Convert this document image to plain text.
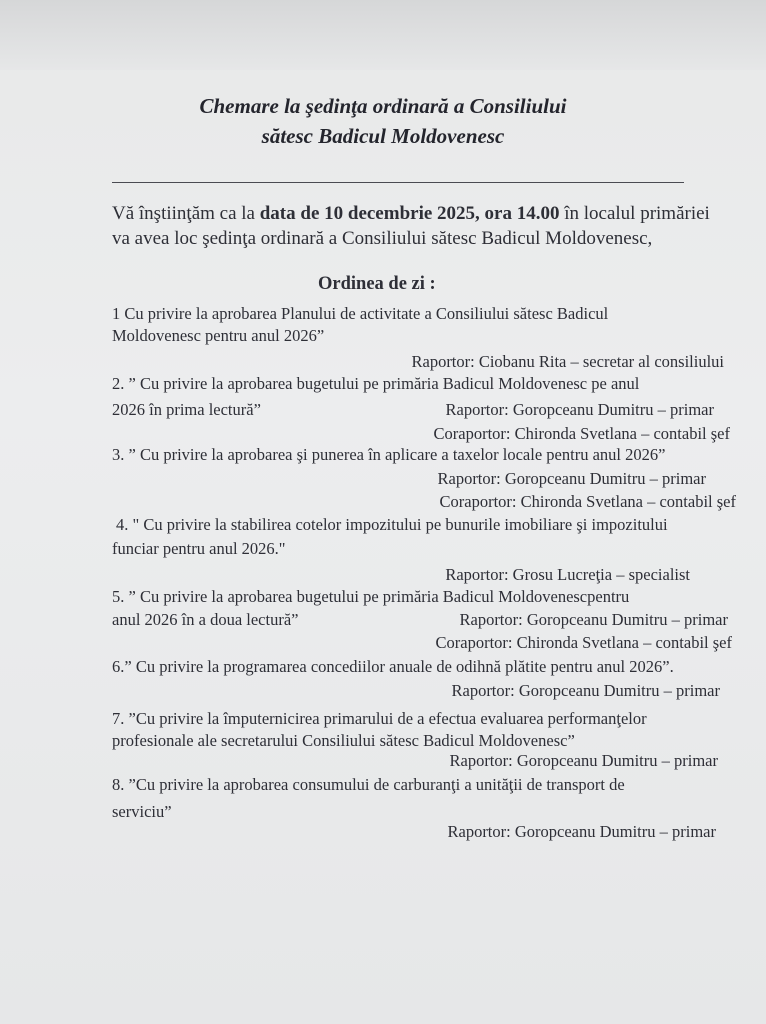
Chemare la şedinţa ordinară a Consiliului
sătesc Badicul Moldovenesc
Vă înştiinţăm ca la data de 10 decembrie 2025, ora 14.00 în localul primăriei
va avea loc şedinţa ordinară a Consiliului sătesc Badicul Moldovenesc,
Ordinea de zi :
1 Cu privire la aprobarea Planului de activitate a Consiliului sătesc Badicul
Moldovenesc pentru anul 2026”
Raportor: Ciobanu Rita – secretar al consiliului
2. ” Cu privire la aprobarea bugetului pe primăria Badicul Moldovenesc pe anul
2026 în prima lectură”	Raportor: Goropceanu Dumitru – primar
Coraportor: Chironda Svetlana – contabil şef
3. ” Cu privire la aprobarea şi punerea în aplicare a taxelor locale pentru anul 2026”
Raportor: Goropceanu Dumitru – primar
Coraportor: Chironda Svetlana – contabil şef
4. " Cu privire la stabilirea cotelor impozitului pe bunurile imobiliare şi impozitului
funciar pentru anul 2026."
Raportor: Grosu Lucreţia – specialist
5. ” Cu privire la aprobarea bugetului pe primăria Badicul Moldovenescpentru
anul 2026 în a doua lectură”	Raportor: Goropceanu Dumitru – primar
Coraportor: Chironda Svetlana – contabil şef
6.” Cu privire la programarea concediilor anuale de odihnă plătite pentru anul 2026”.
Raportor: Goropceanu Dumitru – primar
7. ”Cu privire la împuternicirea primarului de a efectua evaluarea performanţelor
profesionale ale secretarului Consiliului sătesc Badicul Moldovenesc”
Raportor: Goropceanu Dumitru – primar
8. ”Cu privire la aprobarea consumului de carburanţi a unităţii de transport de
serviciu”
Raportor: Goropceanu Dumitru – primar
